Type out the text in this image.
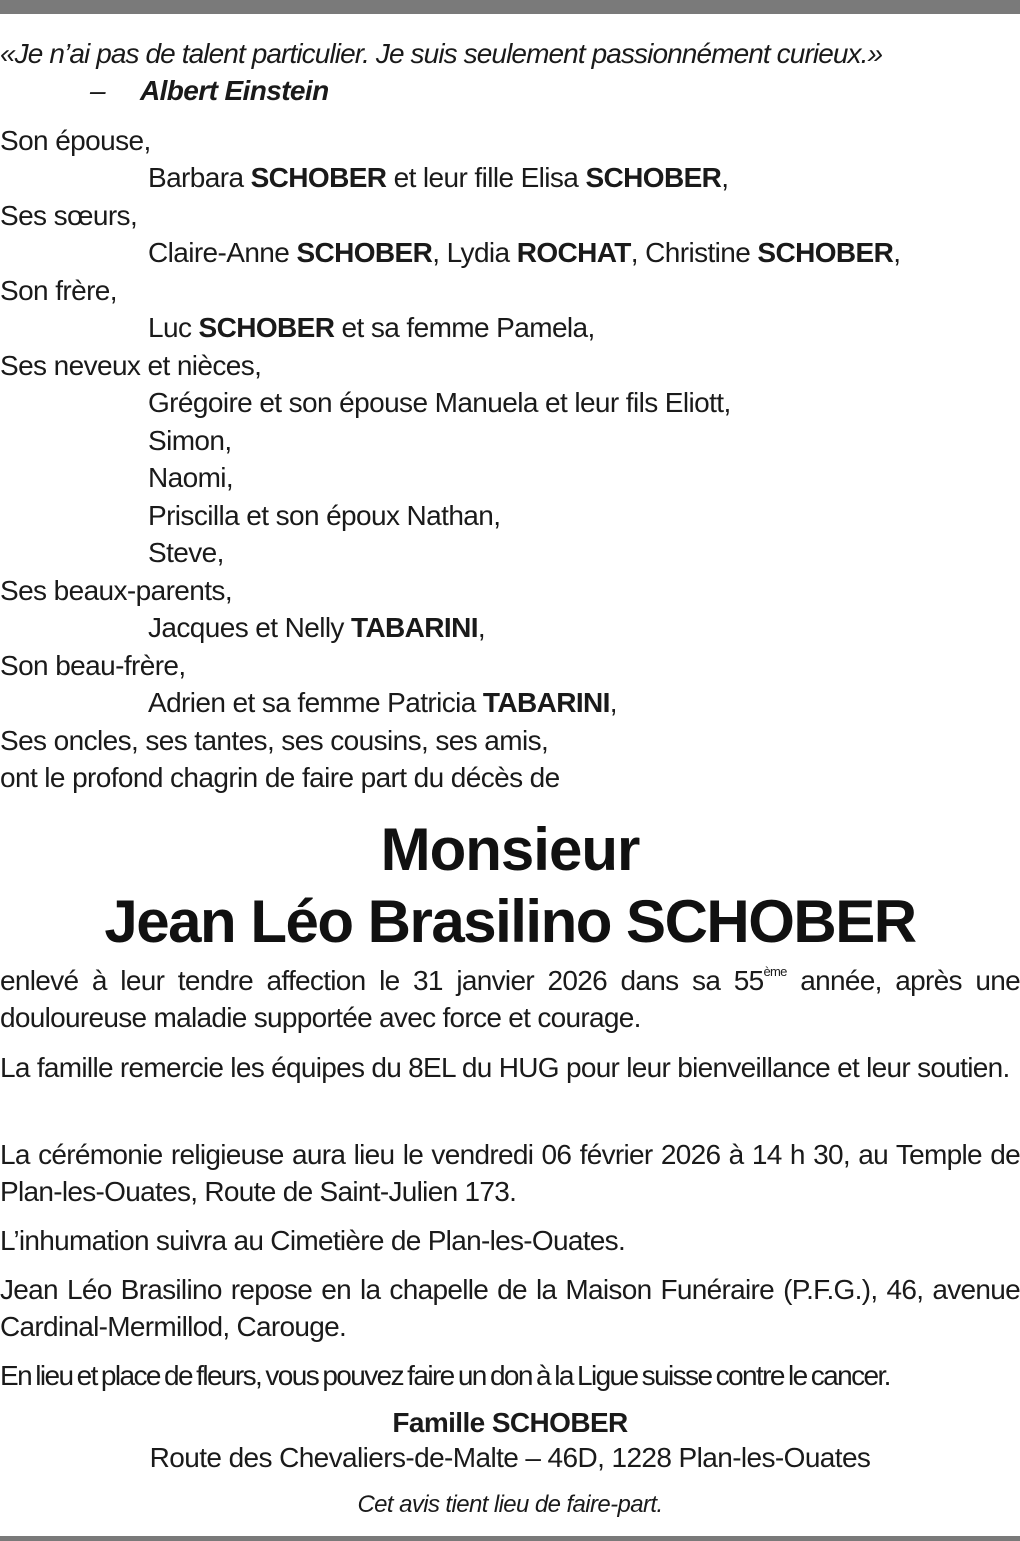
«Je n’ai pas de talent particulier. Je suis seulement passionnément curieux.»
– Albert Einstein
Son épouse,
Barbara SCHOBER et leur fille Elisa SCHOBER,
Ses sœurs,
Claire-Anne SCHOBER, Lydia ROCHAT, Christine SCHOBER,
Son frère,
Luc SCHOBER et sa femme Pamela,
Ses neveux et nièces,
Grégoire et son épouse Manuela et leur fils Eliott,
Simon,
Naomi,
Priscilla et son époux Nathan,
Steve,
Ses beaux-parents,
Jacques et Nelly TABARINI,
Son beau-frère,
Adrien et sa femme Patricia TABARINI,
Ses oncles, ses tantes, ses cousins, ses amis,
ont le profond chagrin de faire part du décès de
Monsieur
Jean Léo Brasilino SCHOBER
enlevé à leur tendre affection le 31 janvier 2026 dans sa 55ème année, après une douloureuse maladie supportée avec force et courage.
La famille remercie les équipes du 8EL du HUG pour leur bienveillance et leur soutien.
La cérémonie religieuse aura lieu le vendredi 06 février 2026 à 14 h 30, au Temple de Plan-les-Ouates, Route de Saint-Julien 173.
L’inhumation suivra au Cimetière de Plan-les-Ouates.
Jean Léo Brasilino repose en la chapelle de la Maison Funéraire (P.F.G.), 46, avenue Cardinal-Mermillod, Carouge.
En lieu et place de fleurs, vous pouvez faire un don à la Ligue suisse contre le cancer.
Famille SCHOBER
Route des Chevaliers-de-Malte – 46D, 1228 Plan-les-Ouates
Cet avis tient lieu de faire-part.
